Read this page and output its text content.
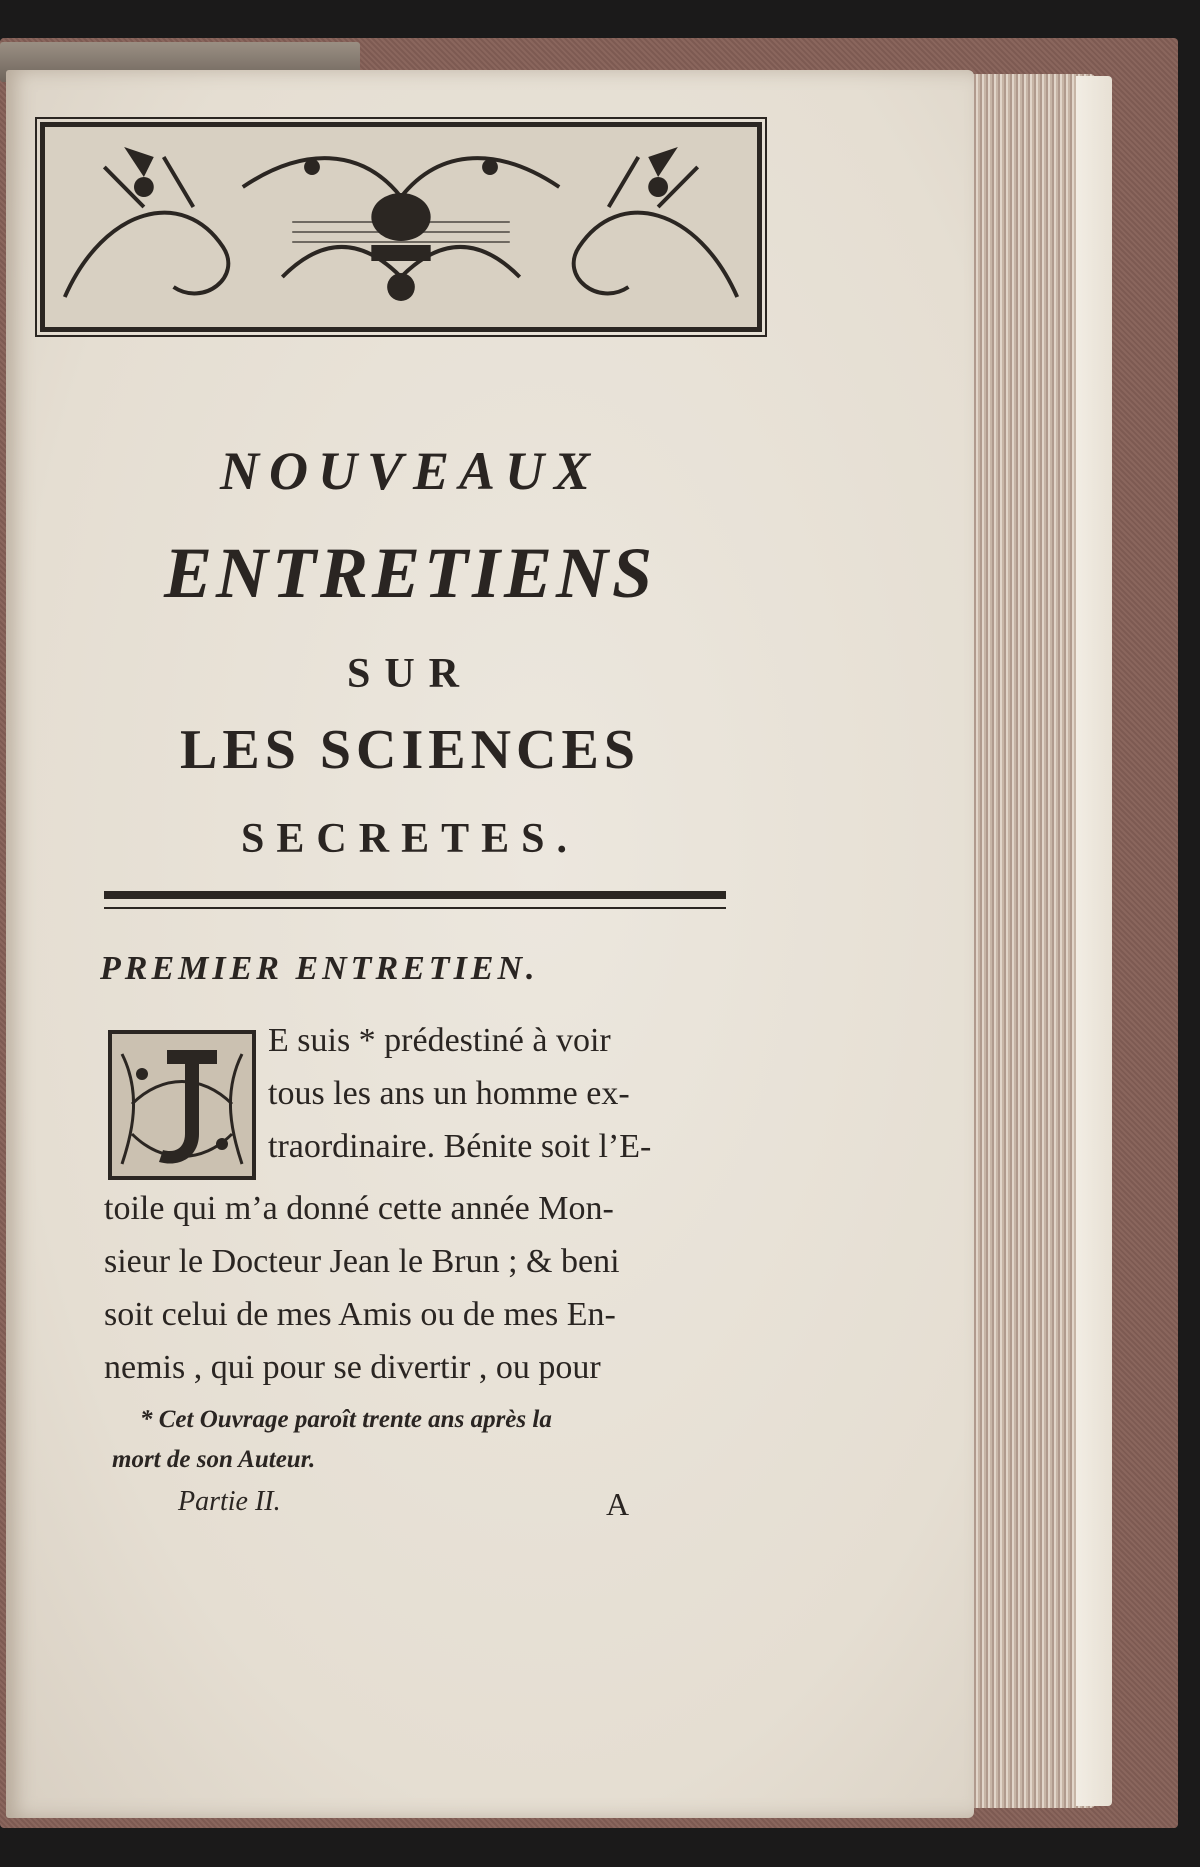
NOUVEAUX
ENTRETIENS
SUR
LES SCIENCES
SECRETES.
PREMIER ENTRETIEN.

E suis * prédestiné à voir

tous les ans un homme ex-

traordinaire. Bénite soit l’E-

toile qui m’a donné cette année Mon-

sieur le Docteur Jean le Brun ; & beni

soit celui de mes Amis ou de mes En-

nemis , qui pour se divertir , ou pour

* Cet Ouvrage paroît trente ans après la
mort de son Auteur.
Partie II.	A
